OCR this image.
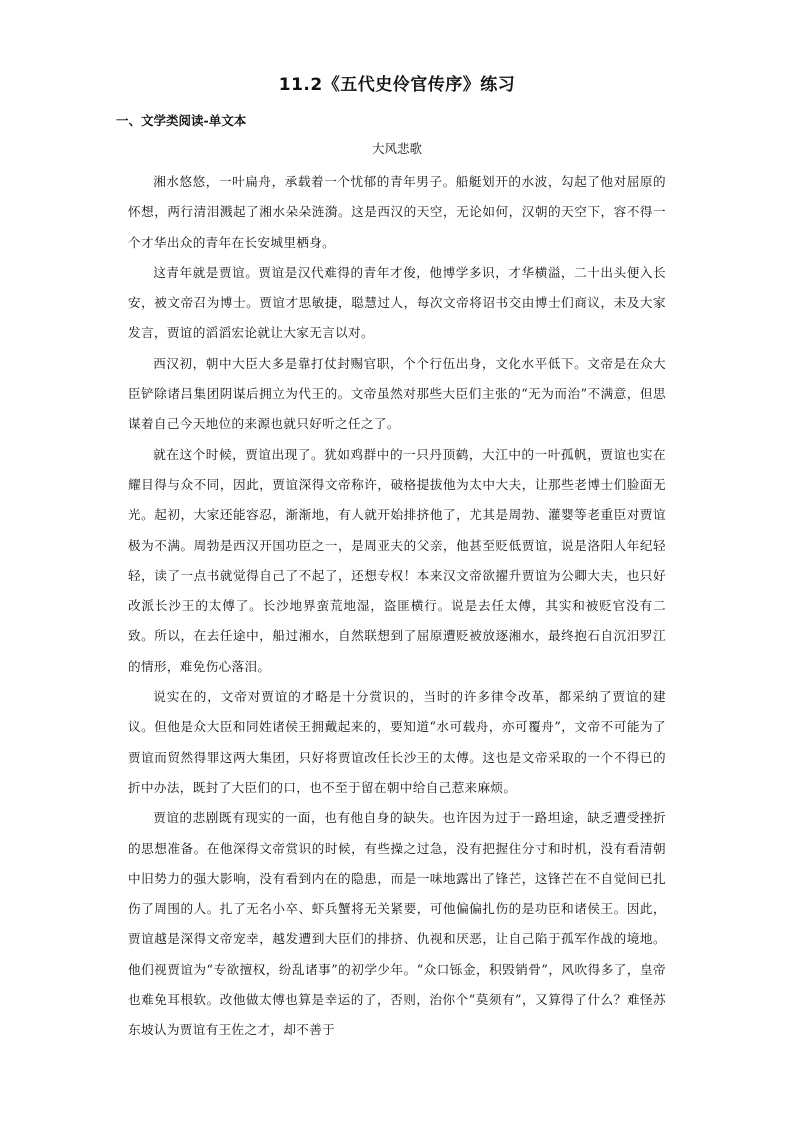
11.2《五代史伶官传序》练习
一、文学类阅读-单文本
大风悲歌

湘水悠悠，一叶扁舟，承载着一个忧郁的青年男子。船艇划开的水波，勾起了他对屈原的怀想，两行清泪溅起了湘水朵朵涟漪。这是西汉的天空，无论如何，汉朝的天空下，容不得一个才华出众的青年在长安城里栖身。

这青年就是贾谊。贾谊是汉代难得的青年才俊，他博学多识，才华横溢，二十出头便入长安，被文帝召为博士。贾谊才思敏捷，聪慧过人，每次文帝将诏书交由博士们商议，未及大家发言，贾谊的滔滔宏论就让大家无言以对。

西汉初，朝中大臣大多是靠打仗封赐官职，个个行伍出身，文化水平低下。文帝是在众大臣铲除诸吕集团阴谋后拥立为代王的。文帝虽然对那些大臣们主张的“无为而治”不满意，但思谋着自己今天地位的来源也就只好听之任之了。

就在这个时候，贾谊出现了。犹如鸡群中的一只丹顶鹤，大江中的一叶孤帆，贾谊也实在耀目得与众不同，因此，贾谊深得文帝称许，破格提拔他为太中大夫，让那些老博士们脸面无光。起初，大家还能容忍，渐渐地，有人就开始排挤他了，尤其是周勃、灌婴等老重臣对贾谊极为不满。周勃是西汉开国功臣之一，是周亚夫的父亲，他甚至贬低贾谊，说是洛阳人年纪轻轻，读了一点书就觉得自己了不起了，还想专权！本来汉文帝欲擢升贾谊为公卿大夫，也只好改派长沙王的太傅了。长沙地界蛮荒地湿，盗匪横行。说是去任太傅，其实和被贬官没有二致。所以，在去任途中，船过湘水，自然联想到了屈原遭贬被放逐湘水，最终抱石自沉汨罗江的情形，难免伤心落泪。

说实在的，文帝对贾谊的才略是十分赏识的，当时的许多律令改革，都采纳了贾谊的建议。但他是众大臣和同姓诸侯王拥戴起来的，要知道“水可载舟，亦可覆舟”，文帝不可能为了贾谊而贸然得罪这两大集团，只好将贾谊改任长沙王的太傅。这也是文帝采取的一个不得已的折中办法，既封了大臣们的口，也不至于留在朝中给自己惹来麻烦。

贾谊的悲剧既有现实的一面，也有他自身的缺失。也许因为过于一路坦途，缺乏遭受挫折的思想准备。在他深得文帝赏识的时候，有些操之过急，没有把握住分寸和时机，没有看清朝中旧势力的强大影响，没有看到内在的隐患，而是一味地露出了锋芒，这锋芒在不自觉间已扎伤了周围的人。扎了无名小卒、虾兵蟹将无关紧要，可他偏偏扎伤的是功臣和诸侯王。因此，贾谊越是深得文帝宠幸，越发遭到大臣们的排挤、仇视和厌恶，让自己陷于孤军作战的境地。他们视贾谊为“专欲擅权，纷乱诸事”的初学少年。“众口铄金，积毁销骨”，风吹得多了，皇帝也难免耳根软。改他做太傅也算是幸运的了，否则，治你个“莫须有”，又算得了什么？难怪苏东坡认为贾谊有王佐之才，却不善于
